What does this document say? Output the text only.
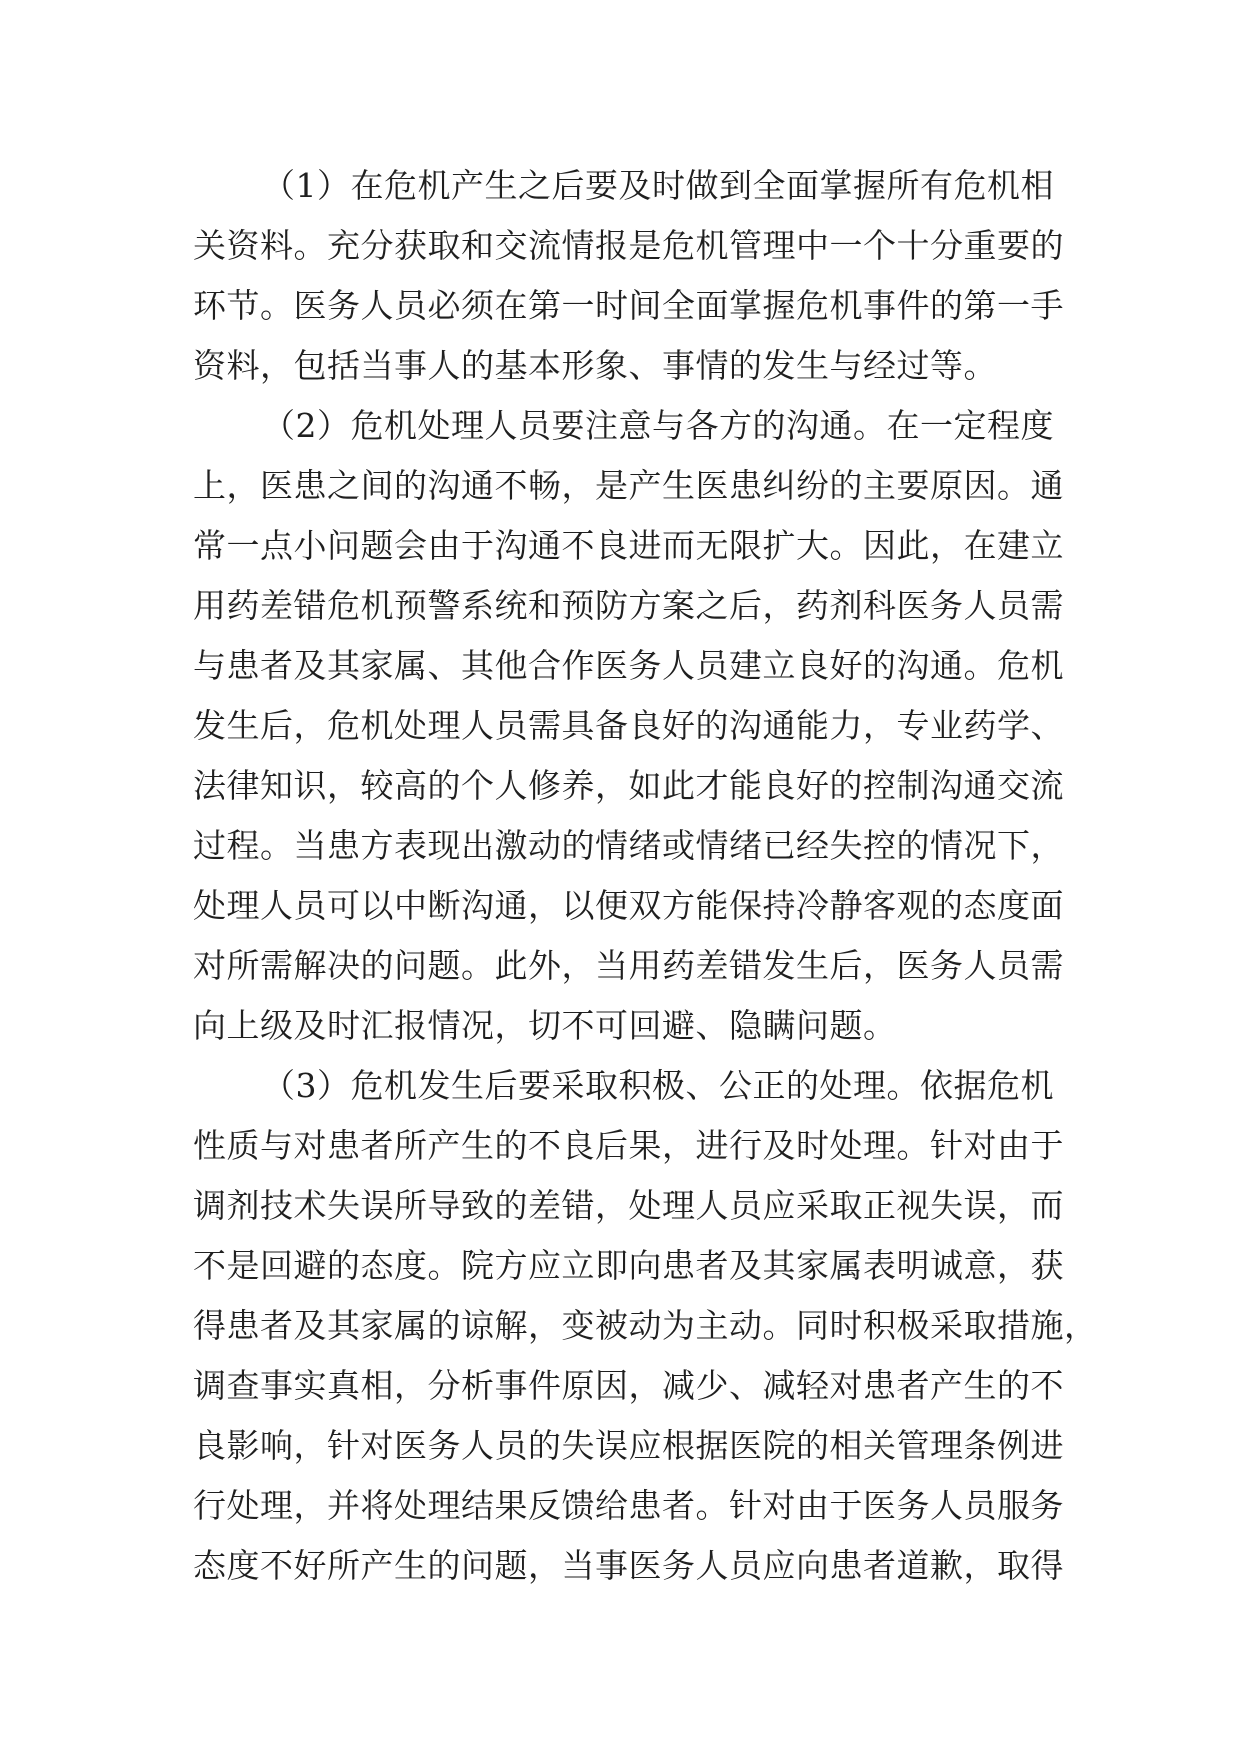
（1）在危机产生之后要及时做到全面掌握所有危机相
关资料。充分获取和交流情报是危机管理中一个十分重要的
环节。医务人员必须在第一时间全面掌握危机事件的第一手
资料，包括当事人的基本形象、事情的发生与经过等。
（2）危机处理人员要注意与各方的沟通。在一定程度
上，医患之间的沟通不畅，是产生医患纠纷的主要原因。通
常一点小问题会由于沟通不良进而无限扩大。因此，在建立
用药差错危机预警系统和预防方案之后，药剂科医务人员需
与患者及其家属、其他合作医务人员建立良好的沟通。危机
发生后，危机处理人员需具备良好的沟通能力，专业药学、
法律知识，较高的个人修养，如此才能良好的控制沟通交流
过程。当患方表现出激动的情绪或情绪已经失控的情况下，
处理人员可以中断沟通，以便双方能保持冷静客观的态度面
对所需解决的问题。此外，当用药差错发生后，医务人员需
向上级及时汇报情况，切不可回避、隐瞒问题。
（3）危机发生后要采取积极、公正的处理。依据危机
性质与对患者所产生的不良后果，进行及时处理。针对由于
调剂技术失误所导致的差错，处理人员应采取正视失误，而
不是回避的态度。院方应立即向患者及其家属表明诚意，获
得患者及其家属的谅解，变被动为主动。同时积极采取措施，
调查事实真相，分析事件原因，减少、减轻对患者产生的不
良影响，针对医务人员的失误应根据医院的相关管理条例进
行处理，并将处理结果反馈给患者。针对由于医务人员服务
态度不好所产生的问题，当事医务人员应向患者道歉，取得
